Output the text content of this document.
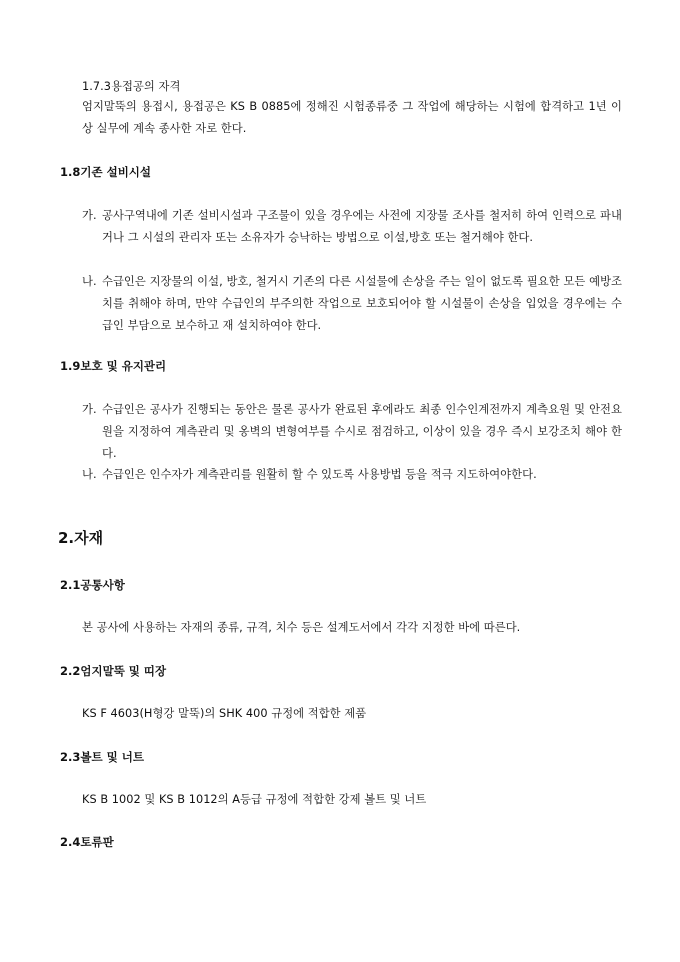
1.7.3용접공의 자격
엄지말뚝의 용접시, 용접공은 KS B 0885에 정해진 시험종류중 그 작업에 해당하는 시험에 합격하고 1년 이상 실무에 계속 종사한 자로 한다.
1.8기존 설비시설
가. 공사구역내에 기존 설비시설과 구조물이 있을 경우에는 사전에 지장물 조사를 철저히 하여 인력으로 파내거나 그 시설의 관리자 또는 소유자가 승낙하는 방법으로 이설,방호 또는 철거해야 한다.
나. 수급인은 지장물의 이설, 방호, 철거시 기존의 다른 시설물에 손상을 주는 일이 없도록 필요한 모든 예방조치를 취해야 하며, 만약 수급인의 부주의한 작업으로 보호되어야 할 시설물이 손상을 입었을 경우에는 수급인 부담으로 보수하고 재 설치하여야 한다.
1.9보호 및 유지관리
가. 수급인은 공사가 진행되는 동안은 물론 공사가 완료된 후에라도 최종 인수인계전까지 계측요원 및 안전요원을 지정하여 계측관리 및 옹벽의 변형여부를 수시로 점검하고, 이상이 있을 경우 즉시 보강조치 해야 한다.
나. 수급인은 인수자가 계측관리를 원활히 할 수 있도록 사용방법 등을 적극 지도하여야한다.
2.자재
2.1공통사항
본 공사에 사용하는 자재의 종류, 규격, 치수 등은 설계도서에서 각각 지정한 바에 따른다.
2.2엄지말뚝 및 띠장
KS F 4603(H형강 말뚝)의 SHK 400 규정에 적합한 제품
2.3볼트 및 너트
KS B 1002 및 KS B 1012의 A등급 규정에 적합한 강제 볼트 및 너트
2.4토류판
